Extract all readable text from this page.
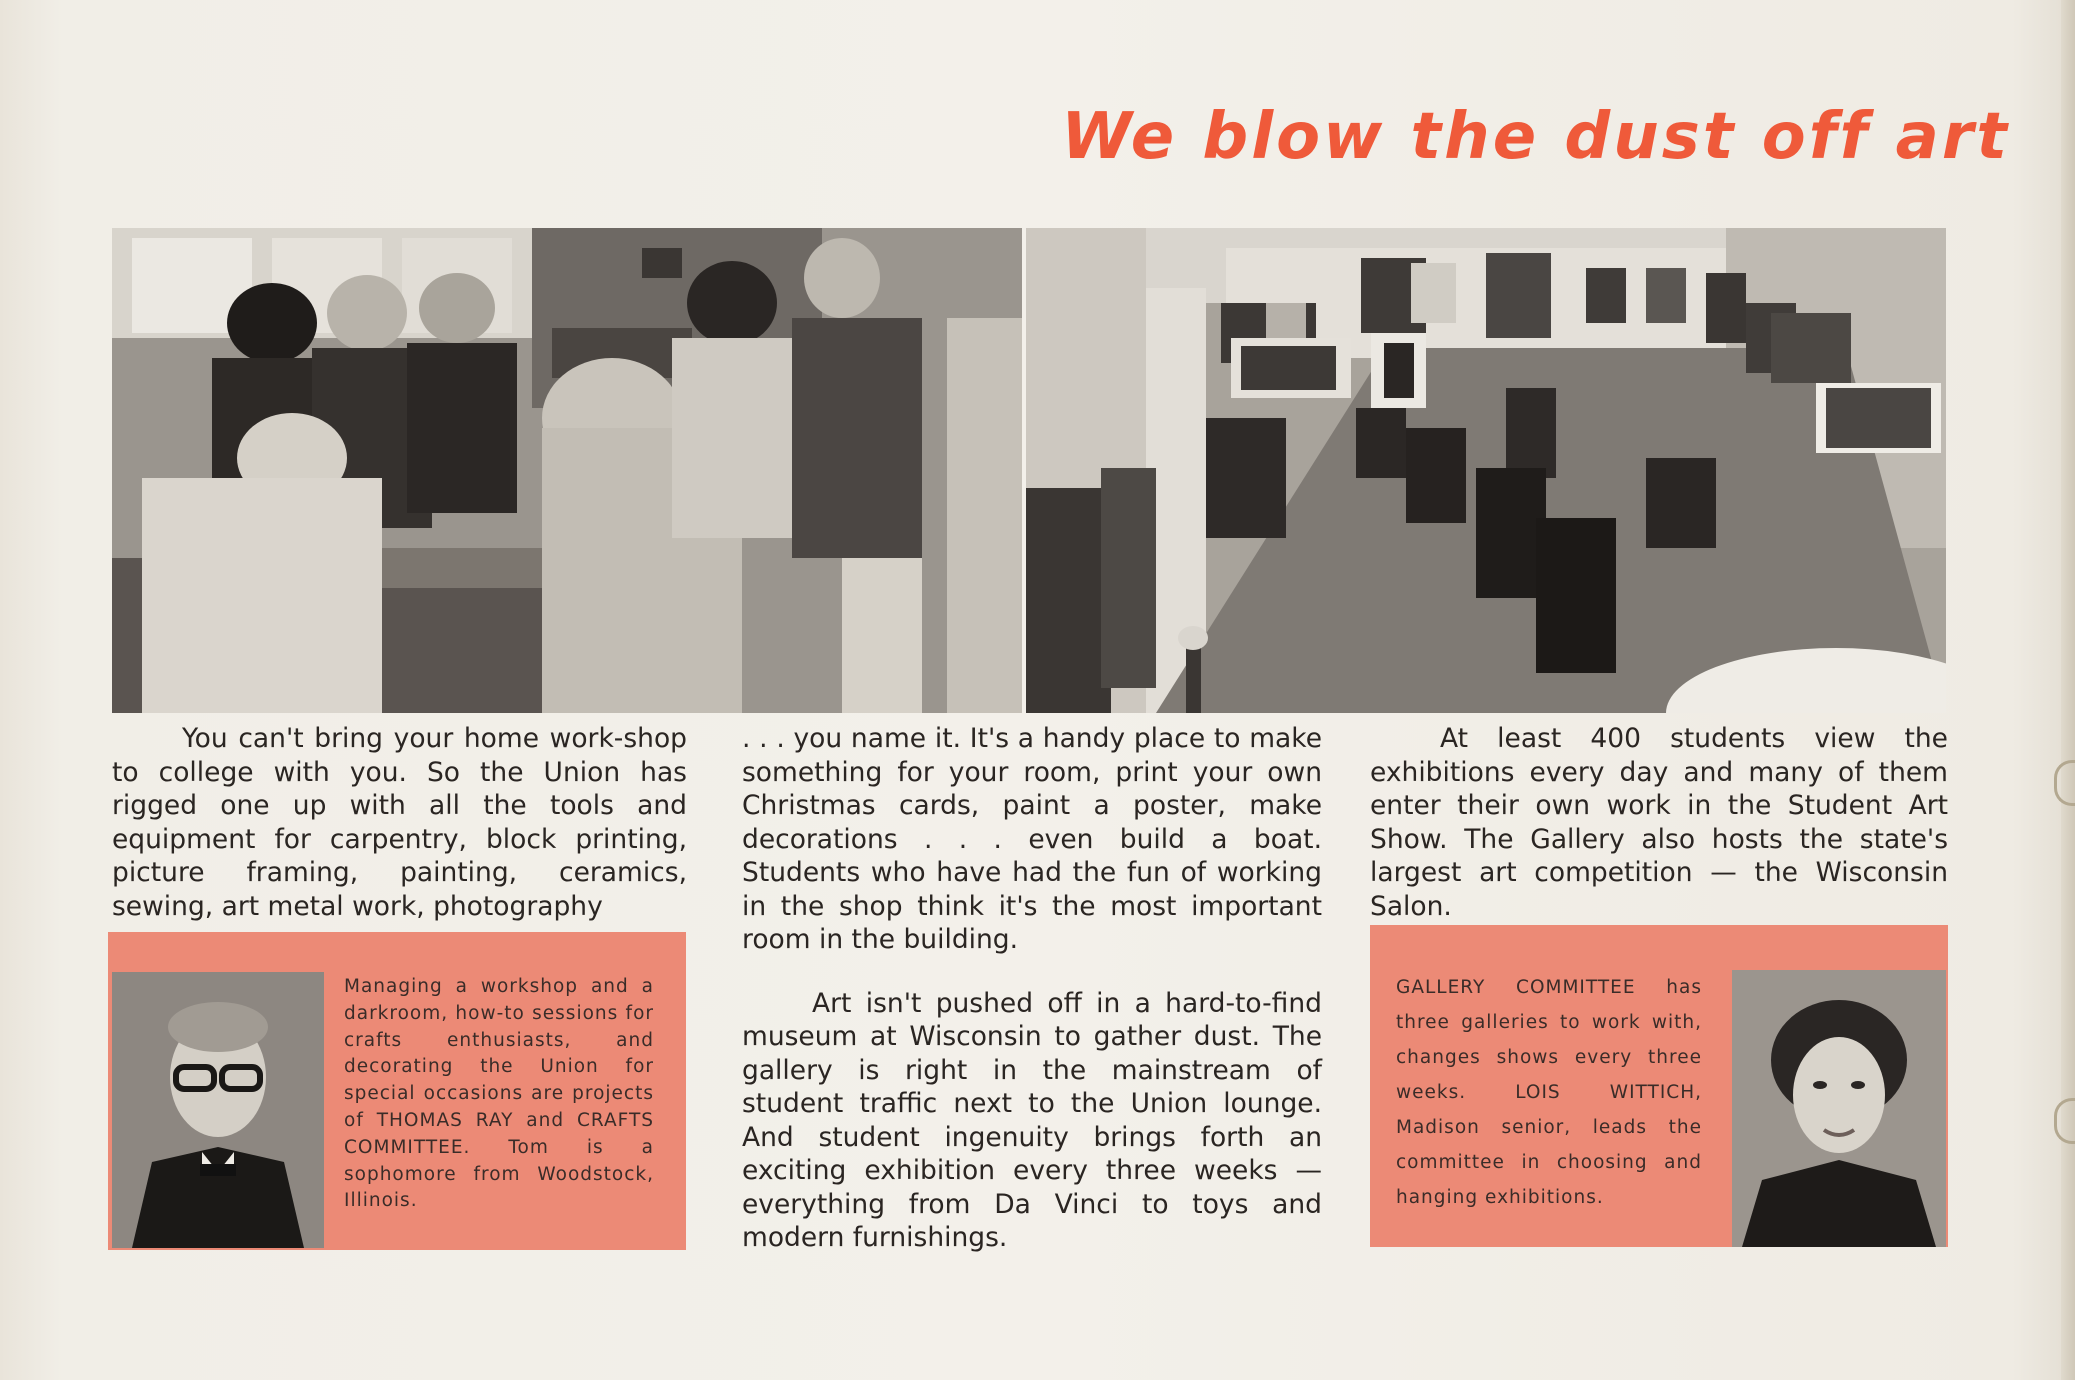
We blow the dust off art

You can't bring your home work-shop to college with you. So the Union has rigged one up with all the tools and equipment for carpentry, block printing, picture framing, painting, ceramics, sewing, art metal work, photography

. . . you name it. It's a handy place to make something for your room, print your own Christmas cards, paint a poster, make decorations . . . even build a boat. Students who have had the fun of working in the shop think it's the most important room in the building.

Art isn't pushed off in a hard-to-find museum at Wisconsin to gather dust. The gallery is right in the mainstream of student traffic next to the Union lounge. And student ingenuity brings forth an exciting exhibition every three weeks — everything from Da Vinci to toys and modern furnishings.

At least 400 students view the exhibitions every day and many of them enter their own work in the Student Art Show. The Gallery also hosts the state's largest art competition — the Wisconsin Salon.

Managing a workshop and a darkroom, how-to sessions for crafts enthusiasts, and decorating the Union for special occasions are projects of THOMAS RAY and CRAFTS COMMITTEE. Tom is a sophomore from Woodstock, Illinois.
GALLERY COMMITTEE has three galleries to work with, changes shows every three weeks. LOIS WITTICH, Madison senior, leads the committee in choosing and hanging exhibitions.
